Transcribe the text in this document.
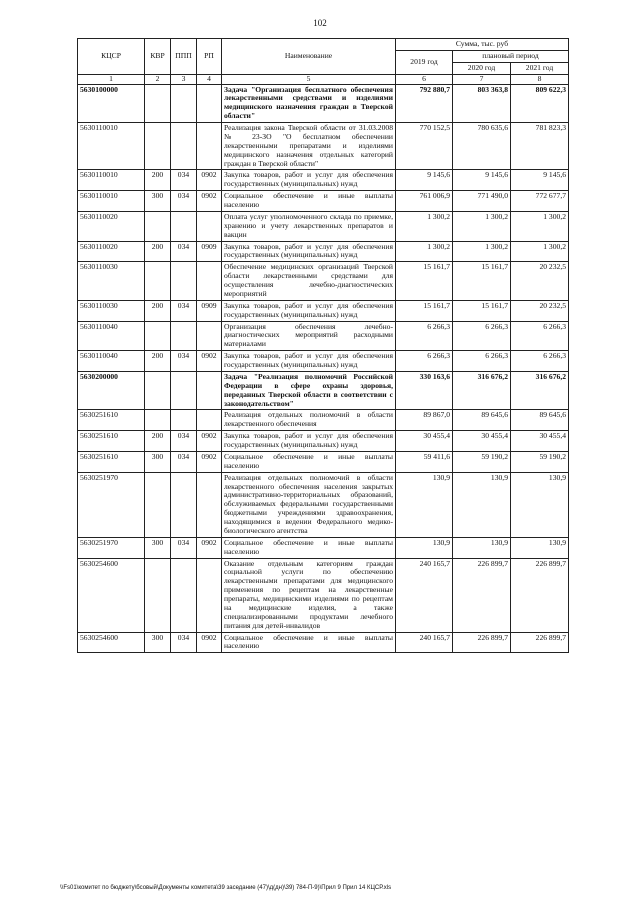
102
КЦСР	КВР	ППП	РП	Наименование	Сумма, тыс. руб		
					2019 год	плановый период	
						2020 год	2021 год
1	2	3	4	5	6	7	8
5630100000				Задача "Организация бесплатного обеспечения лекарственными средствами и изделиями медицинского назначения граждан в Тверской области"	792 880,7	803 363,8	809 622,3
5630110010				Реализация закона Тверской области от 31.03.2008 № 23-ЗО "О бесплатном обеспечении лекарственными препаратами и изделиями медицинского назначения отдельных категорий граждан в Тверской области"	770 152,5	780 635,6	781 823,3
5630110010	200	034	0902	Закупка товаров, работ и услуг для обеспечения государственных (муниципальных) нужд	9 145,6	9 145,6	9 145,6
5630110010	300	034	0902	Социальное обеспечение и иные выплаты населению	761 006,9	771 490,0	772 677,7
5630110020				Оплата услуг уполномоченного склада по приемке, хранению и учету лекарственных препаратов и вакцин	1 300,2	1 300,2	1 300,2
5630110020	200	034	0909	Закупка товаров, работ и услуг для обеспечения государственных (муниципальных) нужд	1 300,2	1 300,2	1 300,2
5630110030				Обеспечение медицинских организаций Тверской области лекарственными средствами для осуществления лечебно-диагностических мероприятий	15 161,7	15 161,7	20 232,5
5630110030	200	034	0909	Закупка товаров, работ и услуг для обеспечения государственных (муниципальных) нужд	15 161,7	15 161,7	20 232,5
5630110040				Организация обеспечения лечебно-диагностических мероприятий расходными материалами	6 266,3	6 266,3	6 266,3
5630110040	200	034	0902	Закупка товаров, работ и услуг для обеспечения государственных (муниципальных) нужд	6 266,3	6 266,3	6 266,3
5630200000				Задача "Реализация полномочий Российской Федерации в сфере охраны здоровья, переданных Тверской области в соответствии с законодательством"	330 163,6	316 676,2	316 676,2
5630251610				Реализация отдельных полномочий в области лекарственного обеспечения	89 867,0	89 645,6	89 645,6
5630251610	200	034	0902	Закупка товаров, работ и услуг для обеспечения государственных (муниципальных) нужд	30 455,4	30 455,4	30 455,4
5630251610	300	034	0902	Социальное обеспечение и иные выплаты населению	59 411,6	59 190,2	59 190,2
5630251970				Реализация отдельных полномочий в области лекарственного обеспечения населения закрытых административно-территориальных образований, обслуживаемых федеральными государственными бюджетными учреждениями здравоохранения, находящимися в ведении Федерального медико-биологического агентства	130,9	130,9	130,9
5630251970	300	034	0902	Социальное обеспечение и иные выплаты населению	130,9	130,9	130,9
5630254600				Оказание отдельным категориям граждан социальной услуги по обеспечению лекарственными препаратами для медицинского применения по рецептам на лекарственные препараты, медицинскими изделиями по рецептам на медицинские изделия, а также специализированными продуктами лечебного питания для детей-инвалидов	240 165,7	226 899,7	226 899,7
5630254600	300	034	0902	Социальное обеспечение и иные выплаты населению	240 165,7	226 899,7	226 899,7
\\Fs01\комитет по бюджету\бсовый\Документы комитета\39 заседание (47)\д(дн)\39) 784-П-9)\Прил 9 Прил 14 КЦСР.xls
